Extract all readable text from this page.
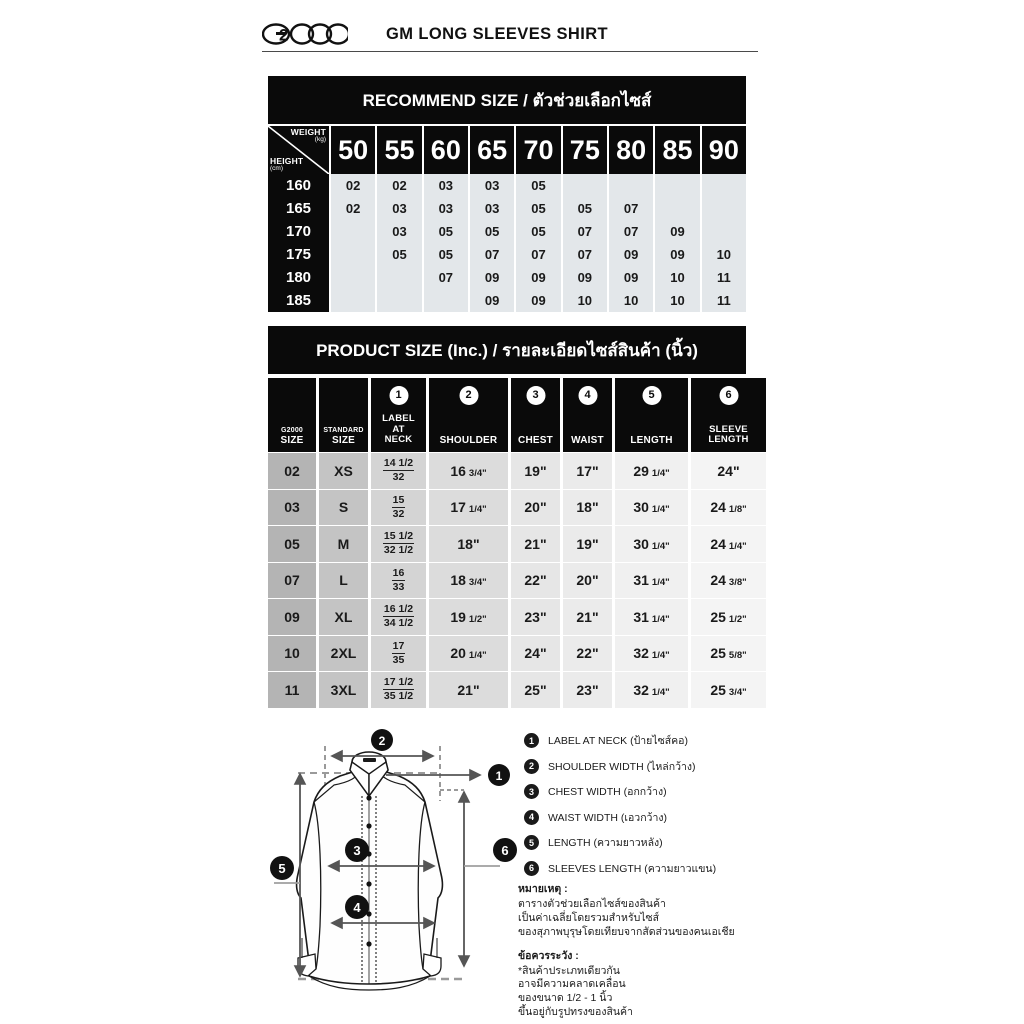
2	GM LONG SLEEVES SHIRT
RECOMMEND SIZE / ตัวช่วยเลือกไซส์
WEIGHT
(kg)
HEIGHT
(cm)
50 55 60 65 70 75 80 85 90
160	02	02	03	03	05
165	02	03	03	03	05	05	07
170	03	05	05	05	07	07	09
175	05	05	07	07	07	09	09	10
180	07	09	09	09	09	10	11
185	09	09	10	10	10	11
PRODUCT SIZE (Inc.) / รายละเอียดไซส์สินค้า (นิ้ว)
G2000
SIZE
STANDARD
SIZE
1
LABEL
AT
NECK
2
SHOULDER
3
CHEST
4
WAIST
5
LENGTH
6
SLEEVE
LENGTH
02	XS	14 1/2
32	16 3/4"	19" 17" 29 1/4"	24"
03	S	15
32	17 1/4"	20" 18" 30 1/4"	24 1/8"
05	M	15 1/2
32 1/2	18"	21" 19" 30 1/4"	24 1/4"
07	L	16
33	18 3/4"	22" 20" 31 1/4"	24 3/8"
09	XL	16 1/2
34 1/2	19 1/2"	23" 21" 31 1/4"	25 1/2"
10	2XL	17
35	20 1/4"	24" 22" 32 1/4"	25 5/8"
11	3XL	17 1/2
35 1/2	21"	25" 23" 32 1/4"	25 3/4"
2
1
3
4
5
6
1	LABEL AT NECK (ป้ายไซส์คอ)
2	SHOULDER WIDTH (ไหล่กว้าง)
3	CHEST WIDTH (อกกว้าง)
4	WAIST WIDTH (เอวกว้าง)
5	LENGTH (ความยาวหลัง)
6	SLEEVES LENGTH (ความยาวแขน)
หมายเหตุ :
ตารางตัวช่วยเลือกไซส์ของสินค้า
เป็นค่าเฉลี่ยโดยรวมสำหรับไซส์
ของสุภาพบุรุษโดยเทียบจากสัดส่วนของคนเอเชีย
ข้อควรระวัง :
*สินค้าประเภทเดียวกัน
อาจมีความคลาดเคลื่อน
ของขนาด 1/2 - 1 นิ้ว
ขึ้นอยู่กับรูปทรงของสินค้า
